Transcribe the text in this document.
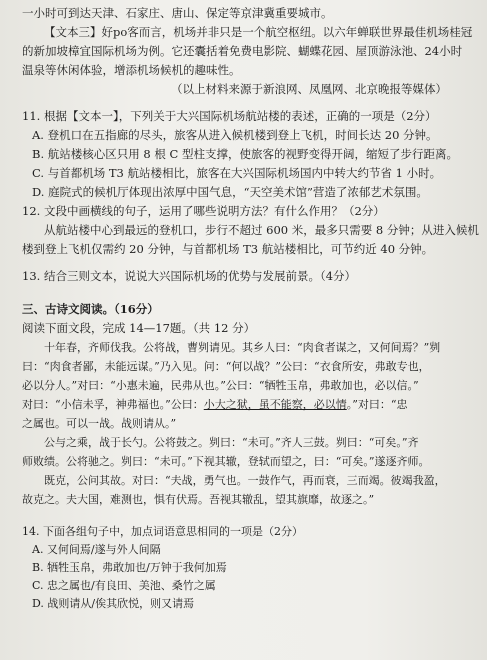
一小时可到达天津、石家庄、唐山、保定等京津冀重要城市。

【文本三】好po客而言，机场并非只是一个航空枢纽。以六年蝉联世界最佳机场桂冠

的新加坡樟宜国际机场为例。它还囊括着免费电影院、蝴蝶花园、屋顶游泳池、24小时

温泉等休闲体验，增添机场候机的趣味性。

（以上材料来源于新浪网、凤凰网、北京晚报等媒体）

11. 根据【文本一】，下列关于大兴国际机场航站楼的表述，正确的一项是（2分）

A. 登机口在五指廊的尽头，旅客从进入候机楼到登上飞机，时间长达 20 分钟。

B. 航站楼核心区只用 8 根 C 型柱支撑，使旅客的视野变得开阔，缩短了步行距离。

C. 与首都机场 T3 航站楼相比，旅客在大兴国际机场国内中转大约节省 1 小时。

D. 庭院式的候机厅体现出浓厚中国气息，“天空美术馆”营造了浓郁艺术氛围。

12. 文段中画横线的句子，运用了哪些说明方法？有什么作用？（2分）

从航站楼中心到最远的登机口，步行不超过 600 米，最多只需要 8 分钟；从进入候机

楼到登上飞机仅需约 20 分钟，与首都机场 T3 航站楼相比，可节约近 40 分钟。

13. 结合三则文本，说说大兴国际机场的优势与发展前景。（4分）

三、古诗文阅读。（16分）

阅读下面文段，完成 14—17题。（共 12 分）

十年春，齐师伐我。公将战，曹刿请见。其乡人曰：“肉食者谋之，又何间焉？”刿

曰：“肉食者鄙，未能远谋。”乃入见。问：“何以战？”公曰：“衣食所安，弗敢专也，

必以分人。”对曰：“小惠未遍，民弗从也。”公曰：“牺牲玉帛，弗敢加也，必以信。”

对曰：“小信未孚，神弗福也。”公曰：小大之狱，虽不能察，必以情。”对曰：“忠

之属也。可以一战。战则请从。”

公与之乘，战于长勺。公将鼓之。刿曰：“未可。”齐人三鼓。刿曰：“可矣。”齐

师败绩。公将驰之。刿曰：“未可。”下视其辙，登轼而望之，曰：“可矣。”遂逐齐师。

既克，公问其故。对曰：“夫战，勇气也。一鼓作气，再而衰，三而竭。彼竭我盈，

故克之。夫大国，难测也，惧有伏焉。吾视其辙乱，望其旗靡，故逐之。”

14. 下面各组句子中，加点词语意思相同的一项是（2分）

A. 又何间焉/遂与外人间隔

B. 牺牲玉帛，弗敢加也/万钟于我何加焉

C. 忠之属也/有良田、美池、桑竹之属

D. 战则请从/俟其欣悦，则又请焉
